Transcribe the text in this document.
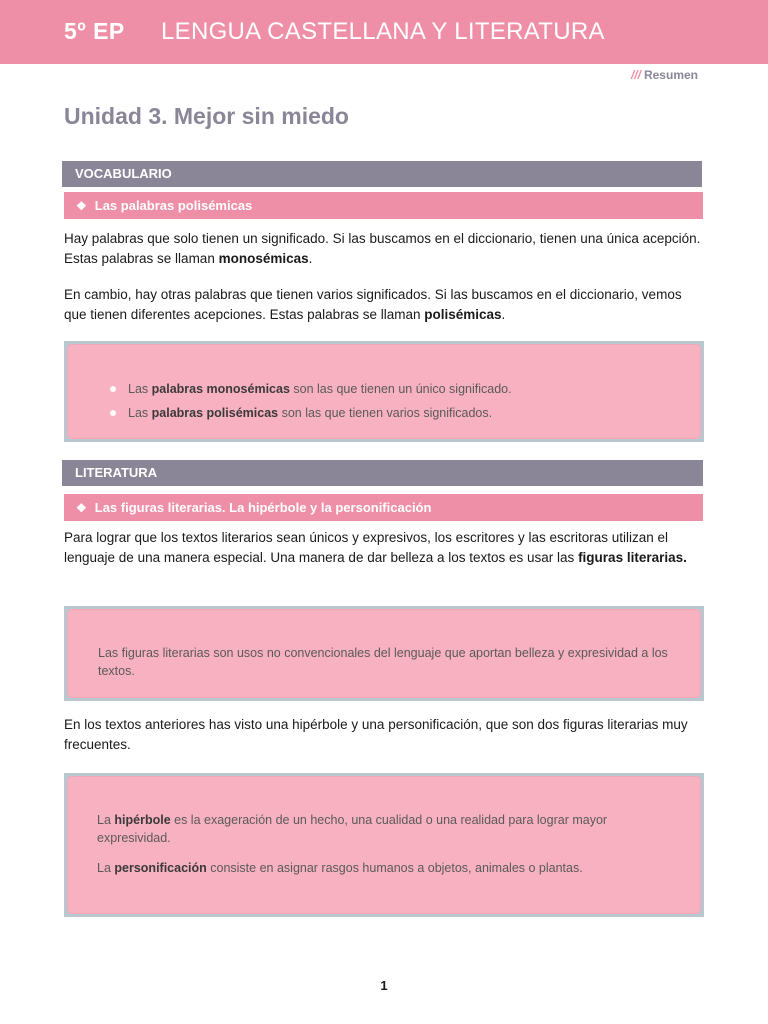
5º EP LENGUA CASTELLANA Y LITERATURA
/// Resumen
Unidad 3. Mejor sin miedo
VOCABULARIO
❖ Las palabras polisémicas
Hay palabras que solo tienen un significado. Si las buscamos en el diccionario, tienen una única acepción. Estas palabras se llaman monosémicas.
En cambio, hay otras palabras que tienen varios significados. Si las buscamos en el diccionario, vemos que tienen diferentes acepciones. Estas palabras se llaman polisémicas.
Las palabras monosémicas son las que tienen un único significado.
Las palabras polisémicas son las que tienen varios significados.
LITERATURA
❖ Las figuras literarias. La hipérbole y la personificación
Para lograr que los textos literarios sean únicos y expresivos, los escritores y las escritoras utilizan el lenguaje de una manera especial. Una manera de dar belleza a los textos es usar las figuras literarias.
Las figuras literarias son usos no convencionales del lenguaje que aportan belleza y expresividad a los textos.
En los textos anteriores has visto una hipérbole y una personificación, que son dos figuras literarias muy frecuentes.
La hipérbole es la exageración de un hecho, una cualidad o una realidad para lograr mayor expresividad.
La personificación consiste en asignar rasgos humanos a objetos, animales o plantas.
1
